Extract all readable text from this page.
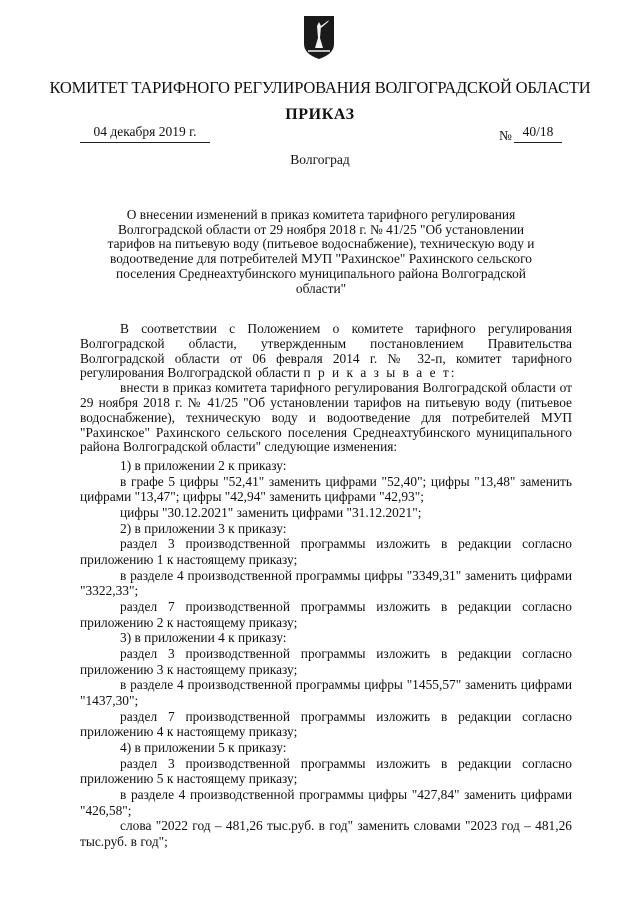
КОМИТЕТ ТАРИФНОГО РЕГУЛИРОВАНИЯ ВОЛГОГРАДСКОЙ ОБЛАСТИ
ПРИКАЗ
04 декабря 2019 г.	№ 40/18
Волгоград

О внесении изменений в приказ комитета тарифного регулирования Волгоградской области от 29 ноября 2018 г. № 41/25 "Об установлении тарифов на питьевую воду (питьевое водоснабжение), техническую воду и водоотведение для потребителей МУП "Рахинское" Рахинского сельского поселения Среднеахтубинского муниципального района Волгоградской области"

В соответствии с Положением о комитете тарифного регулирования Волгоградской области, утвержденным постановлением Правительства Волгоградской области от 06 февраля 2014 г. № 32-п, комитет тарифного регулирования Волгоградской области п р и к а з ы в а е т:

внести в приказ комитета тарифного регулирования Волгоградской области от 29 ноября 2018 г. № 41/25 "Об установлении тарифов на питьевую воду (питьевое водоснабжение), техническую воду и водоотведение для потребителей МУП "Рахинское" Рахинского сельского поселения Среднеахтубинского муниципального района Волгоградской области" следующие изменения:

1) в приложении 2 к приказу:

в графе 5 цифры "52,41" заменить цифрами "52,40"; цифры "13,48" заменить цифрами "13,47"; цифры "42,94" заменить цифрами "42,93";

цифры "30.12.2021" заменить цифрами "31.12.2021";

2) в приложении 3 к приказу:

раздел 3 производственной программы изложить в редакции согласно приложению 1 к настоящему приказу;

в разделе 4 производственной программы цифры "3349,31" заменить цифрами "3322,33";

раздел 7 производственной программы изложить в редакции согласно приложению 2 к настоящему приказу;

3) в приложении 4 к приказу:

раздел 3 производственной программы изложить в редакции согласно приложению 3 к настоящему приказу;

в разделе 4 производственной программы цифры "1455,57" заменить цифрами "1437,30";

раздел 7 производственной программы изложить в редакции согласно приложению 4 к настоящему приказу;

4) в приложении 5 к приказу:

раздел 3 производственной программы изложить в редакции согласно приложению 5 к настоящему приказу;

в разделе 4 производственной программы цифры "427,84" заменить цифрами "426,58";

слова "2022 год – 481,26 тыс.руб. в год" заменить словами "2023 год – 481,26 тыс.руб. в год";
